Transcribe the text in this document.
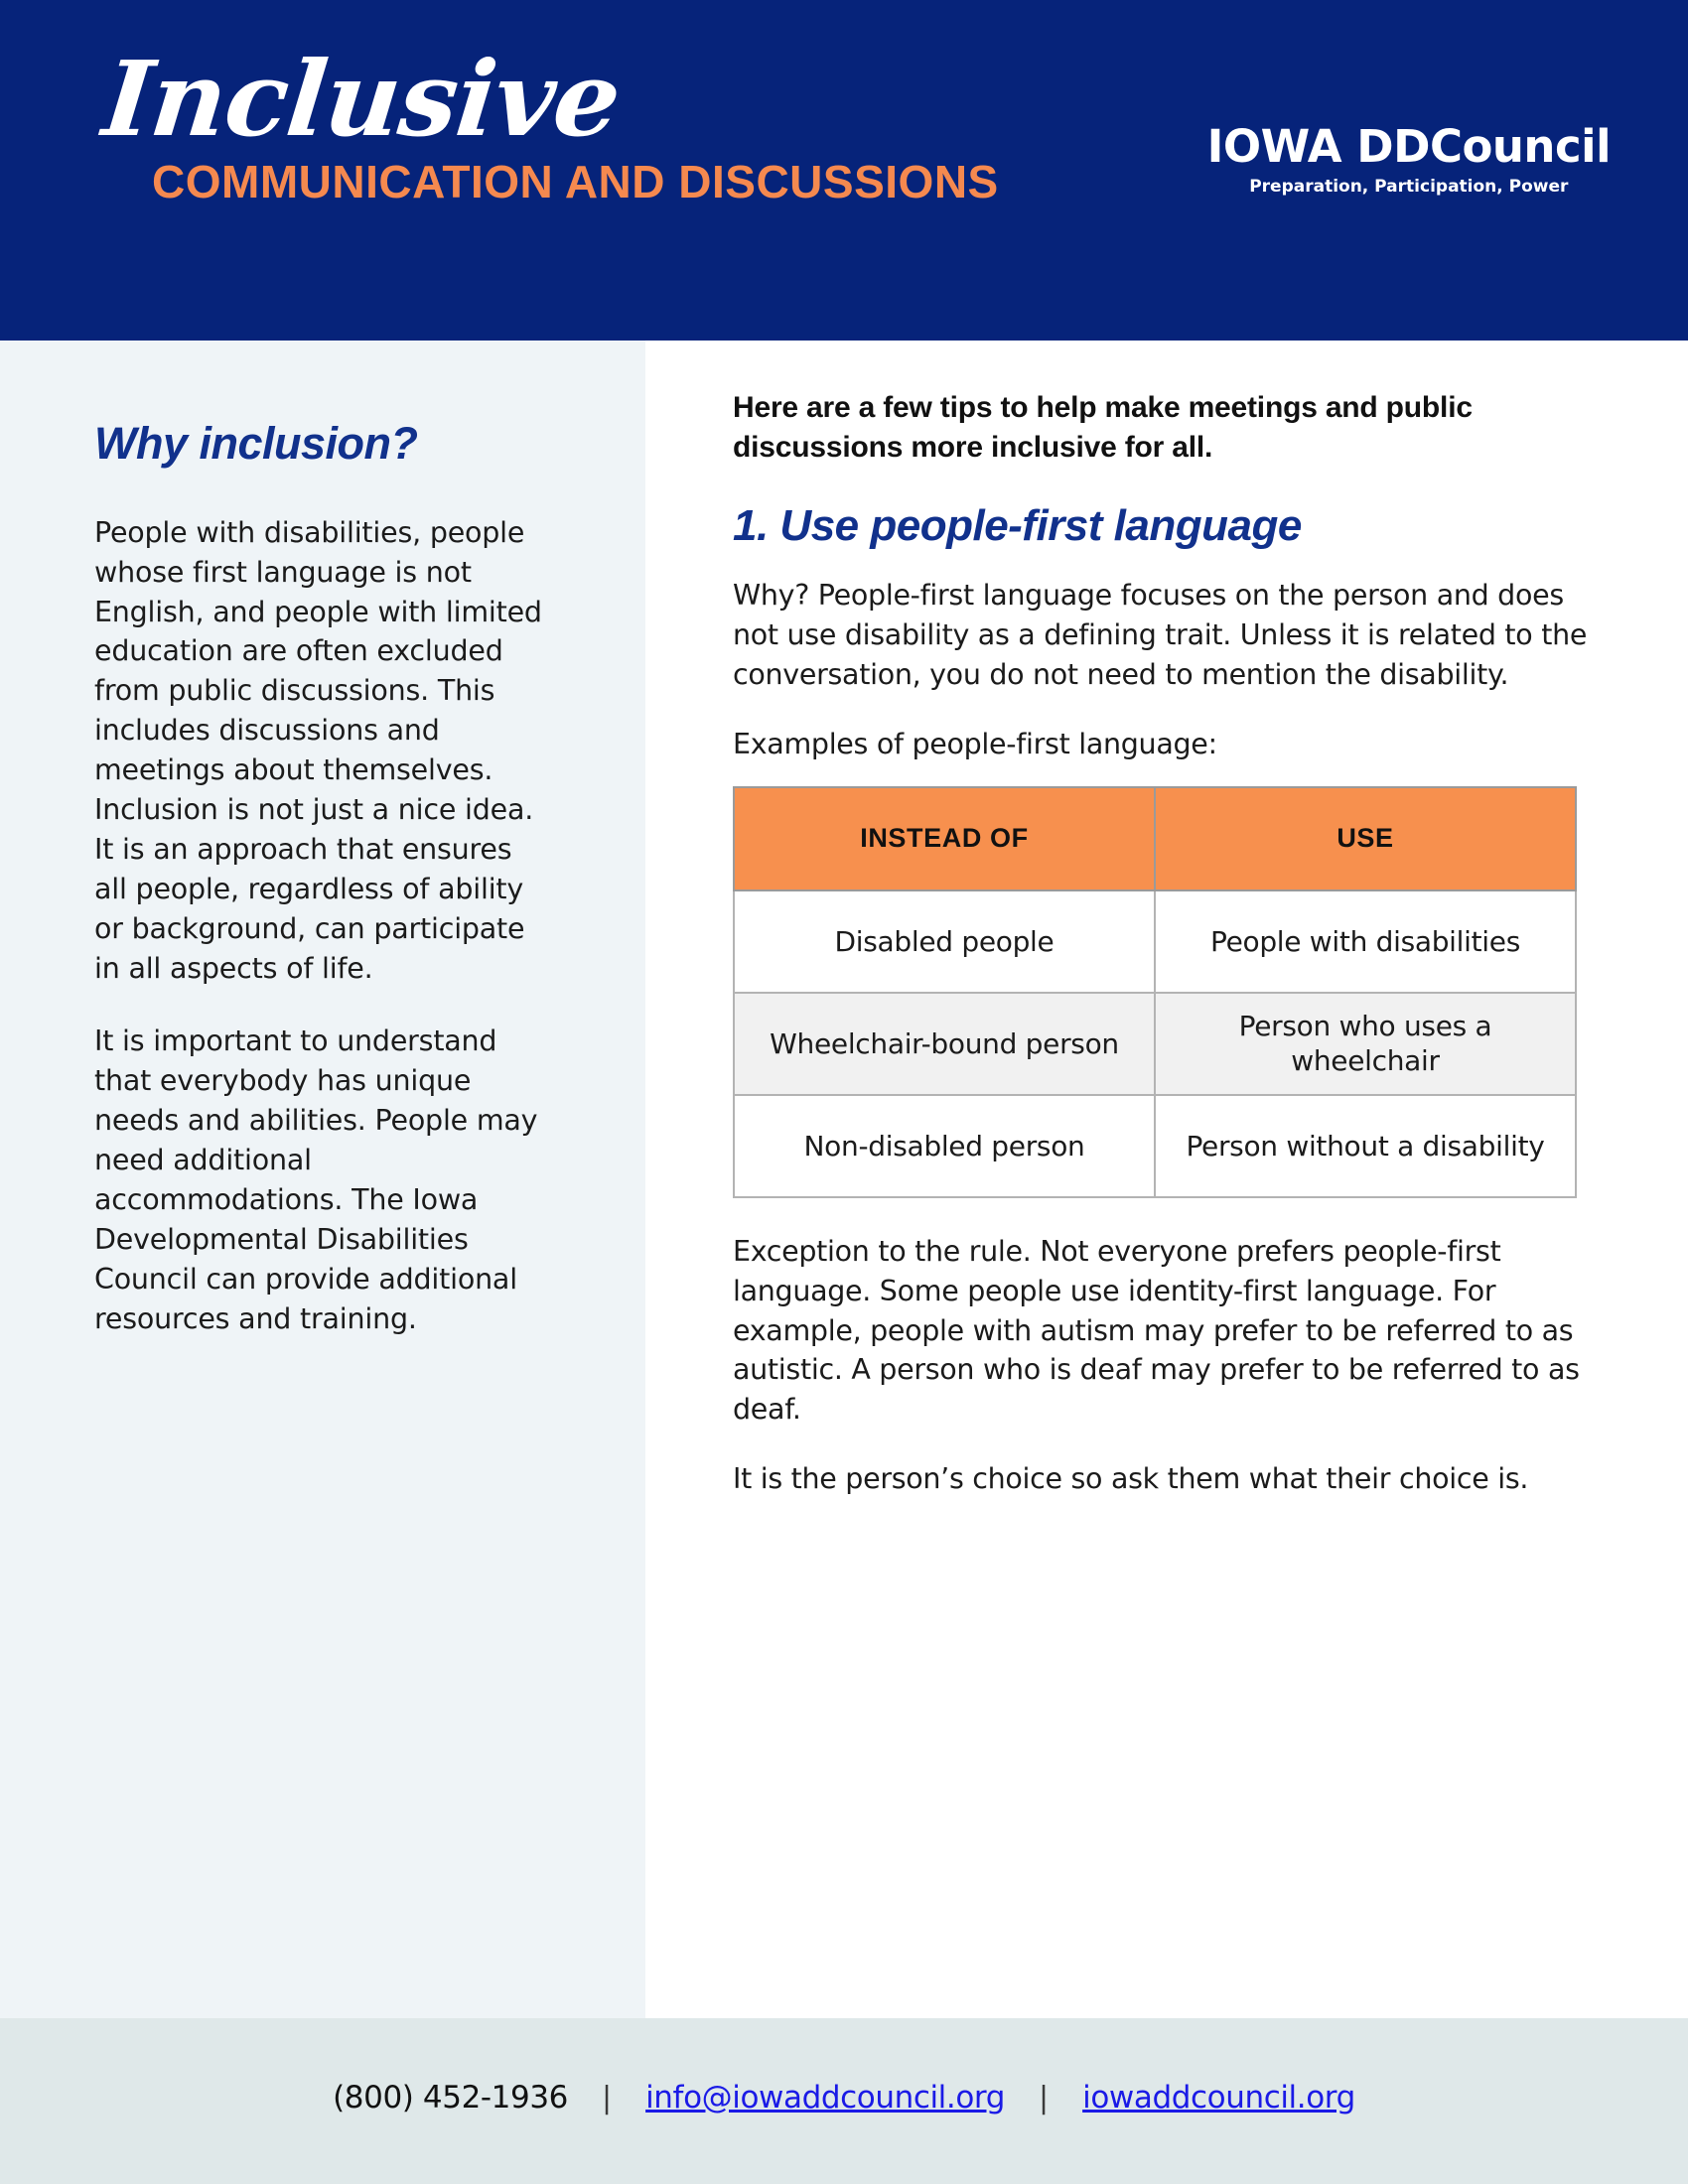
Inclusive
COMMUNICATION AND DISCUSSIONS
IOWA DDCouncil
Preparation, Participation, Power
Why inclusion?

People with disabilities, people whose first language is not English, and people with limited education are often excluded from public discussions. This includes discussions and meetings about themselves. Inclusion is not just a nice idea. It is an approach that ensures all people, regardless of ability or background, can participate in all aspects of life.

It is important to understand that everybody has unique needs and abilities. People may need additional accommodations. The Iowa Developmental Disabilities Council can provide additional resources and training.

Here are a few tips to help make meetings and public discussions more inclusive for all.

1. Use people-first language

Why? People-first language focuses on the person and does not use disability as a defining trait. Unless it is related to the conversation, you do not need to mention the disability.

Examples of people-first language:

INSTEAD OF	USE
Disabled people	People with disabilities
Wheelchair-bound person	Person who uses a wheelchair
Non-disabled person	Person without a disability

Exception to the rule. Not everyone prefers people-first language. Some people use identity-first language. For example, people with autism may prefer to be referred to as autistic. A person who is deaf may prefer to be referred to as deaf.

It is the person’s choice so ask them what their choice is.

(800) 452-1936	|	info@iowaddcouncil.org	|	iowaddcouncil.org
